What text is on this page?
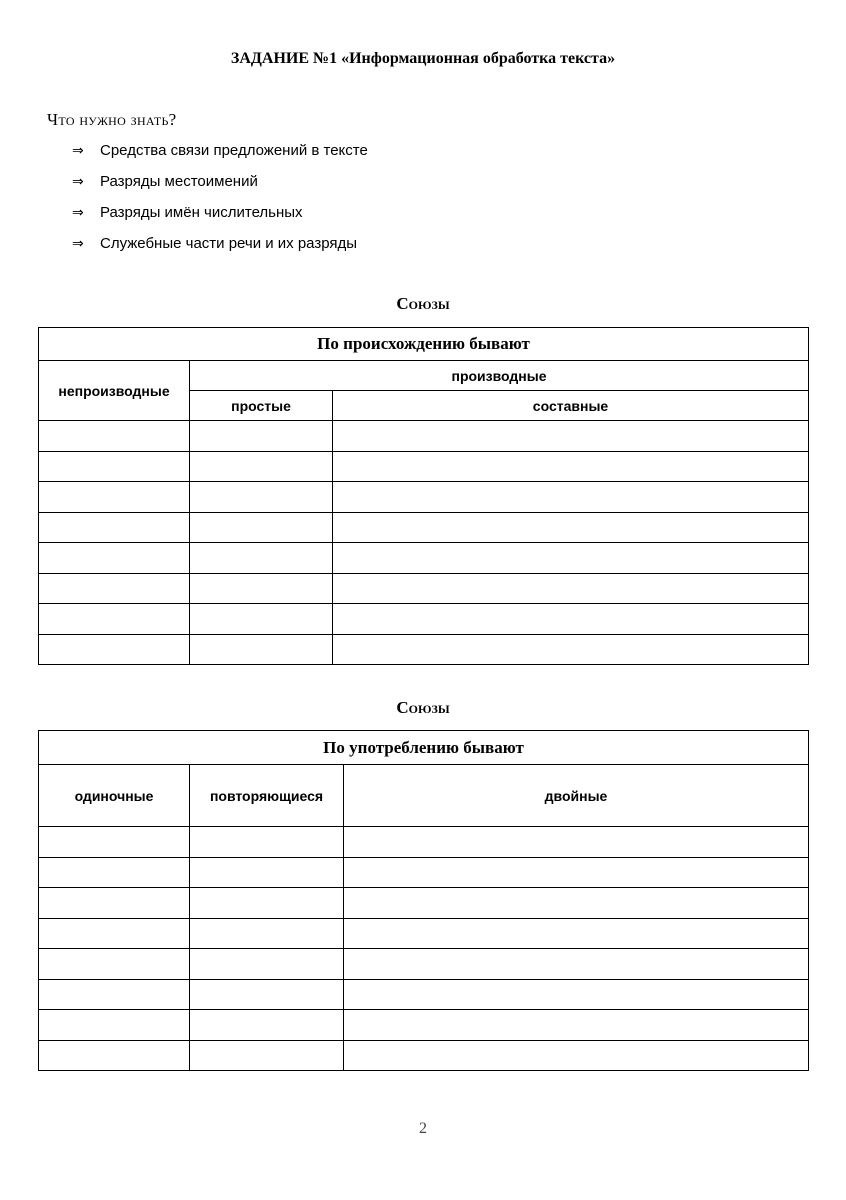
ЗАДАНИЕ №1 «Информационная обработка текста»
Что нужно знать?
⇒	Средства связи предложений в тексте
⇒	Разряды местоимений
⇒	Разряды имён числительных
⇒	Служебные части речи и их разряды
Союзы
По происхождению бывают		
непроизводные	производные	
	простые	составные

Союзы
По употреблению бывают		
одиночные	повторяющиеся	двойные

2
